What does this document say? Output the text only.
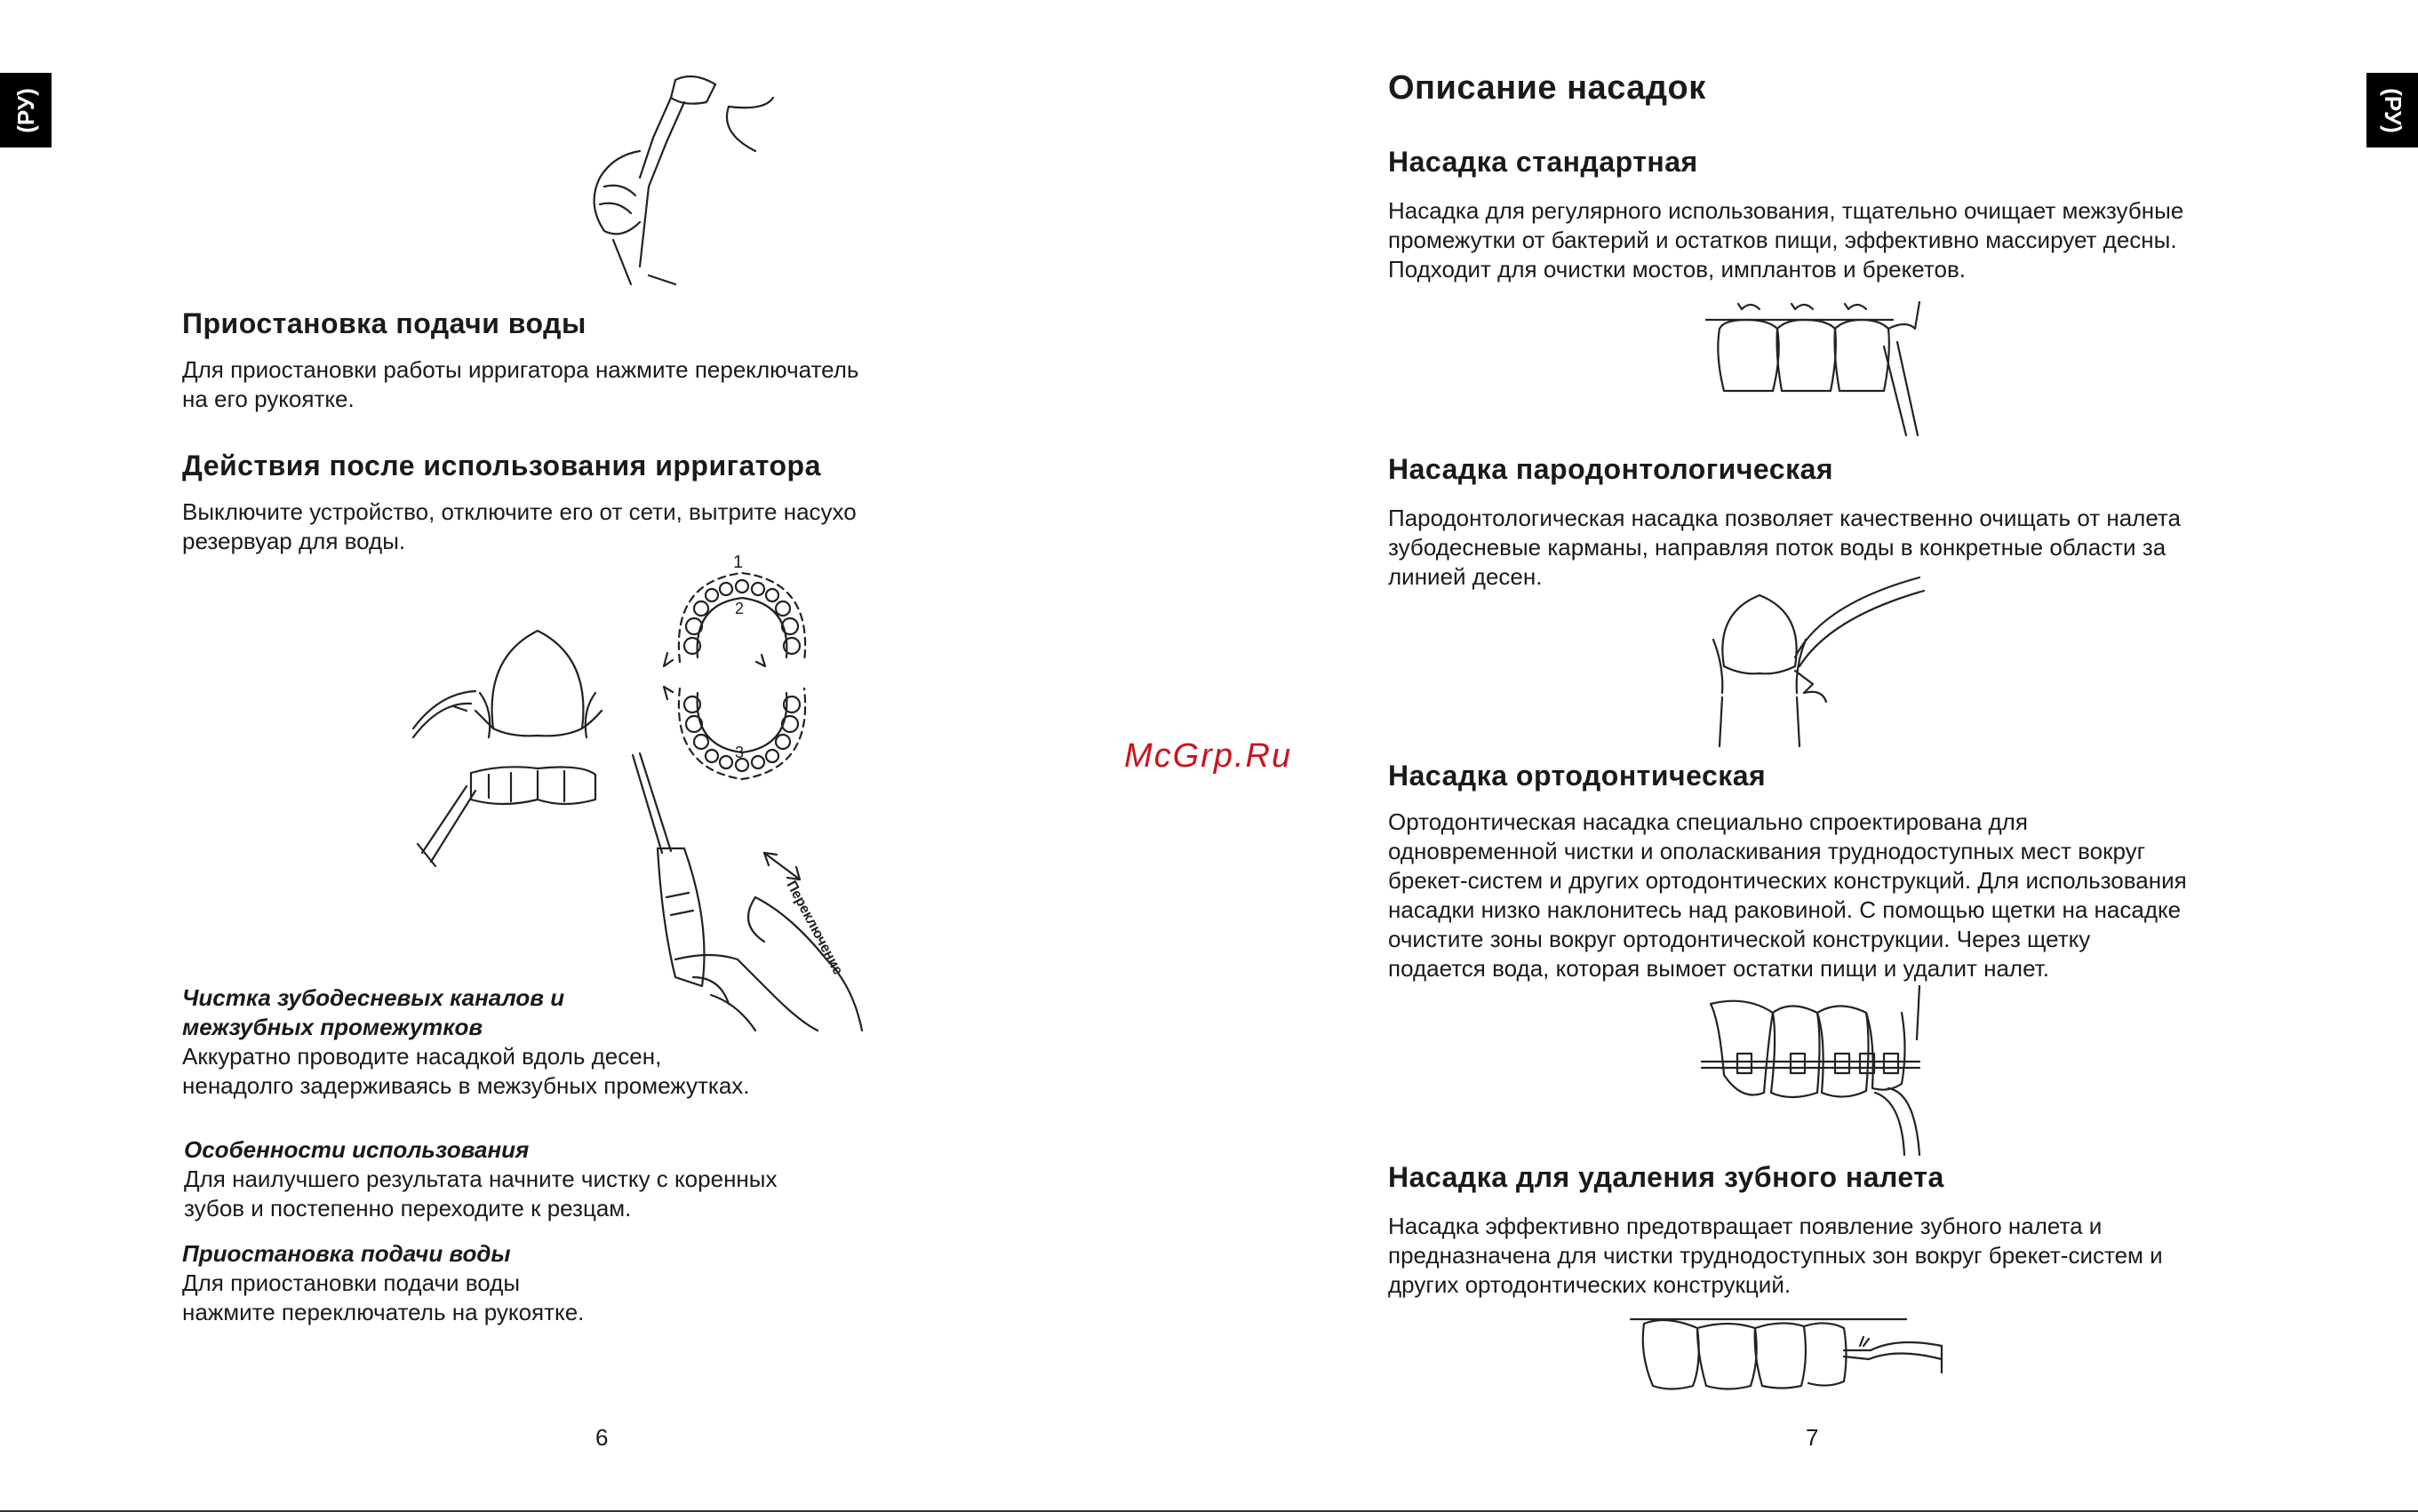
(РУ)	(РУ)
Приостановка подачи воды
Для приостановки работы ирригатора нажмите переключатель
на его рукоятке.
Действия после использования ирригатора
Выключите устройство, отключите его от сети, вытрите насухо
резервуар для воды.
1
2
3
Переключение
Чистка зубодесневых каналов и
межзубных промежутков
Аккуратно проводите насадкой вдоль десен,
ненадолго задерживаясь в межзубных промежутках.
Особенности использования
Для наилучшего результата начните чистку с коренных
зубов и постепенно переходите к резцам.
Приостановка подачи воды
Для приостановки подачи воды
нажмите переключатель на рукоятке.
6
McGrp.Ru
Описание насадок
Насадка стандартная
Насадка для регулярного использования, тщательно очищает межзубные
промежутки от бактерий и остатков пищи, эффективно массирует десны.
Подходит для очистки мостов, имплантов и брекетов.
Насадка пародонтологическая
Пародонтологическая насадка позволяет качественно очищать от налета
зубодесневые карманы, направляя поток воды в конкретные области за
линией десен.
Насадка ортодонтическая
Ортодонтическая насадка специально спроектирована для
одновременной чистки и ополаскивания труднодоступных мест вокруг
брекет-систем и других ортодонтических конструкций. Для использования
насадки низко наклонитесь над раковиной. С помощью щетки на насадке
очистите зоны вокруг ортодонтической конструкции. Через щетку
подается вода, которая вымоет остатки пищи и удалит налет.
Насадка для удаления зубного налета
Насадка эффективно предотвращает появление зубного налета и
предназначена для чистки труднодоступных зон вокруг брекет-систем и
других ортодонтических конструкций.
7
